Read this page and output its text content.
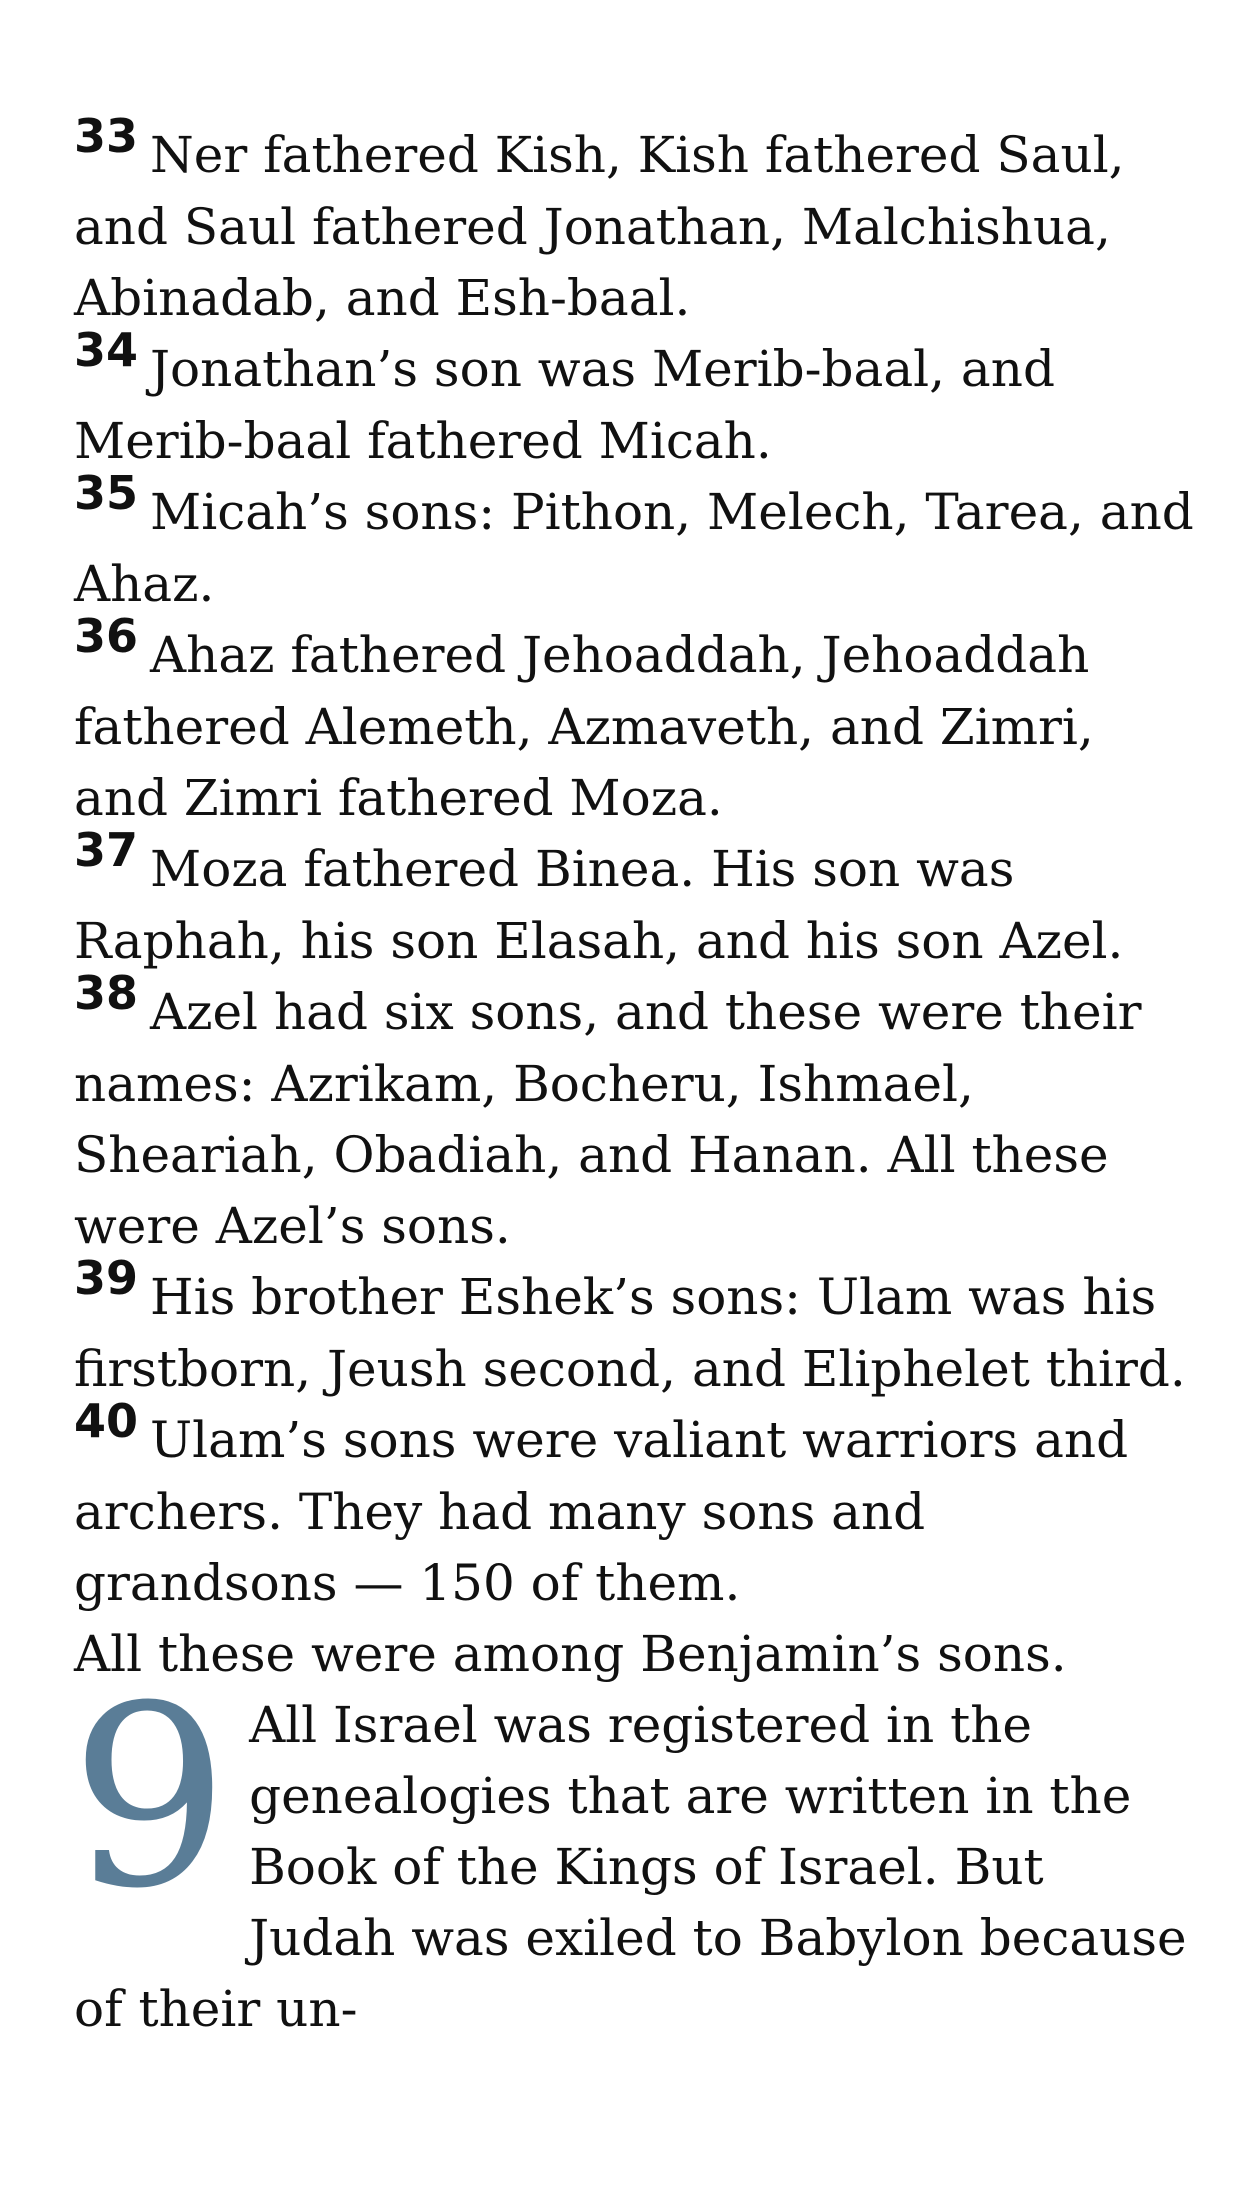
33 Ner fathered Kish, Kish fathered Saul, and Saul fathered Jonathan, Malchishua, Abinadab, and Esh-baal.

34 Jonathan’s son was Merib-baal, and Merib-baal fathered Micah.

35 Micah’s sons: Pithon, Melech, Tarea, and Ahaz.

36 Ahaz fathered Jehoaddah, Jehoaddah fathered Alemeth, Azmaveth, and Zimri, and Zimri fathered Moza.

37 Moza fathered Binea. His son was Raphah, his son Elasah, and his son Azel.

38 Azel had six sons, and these were their names: Azrikam, Bocheru, Ishmael, Sheariah, Obadiah, and Hanan. All these were Azel’s sons.

39 His brother Eshek’s sons: Ulam was his firstborn, Jeush second, and Eliphelet third.

40 Ulam’s sons were valiant warriors and archers. They had many sons and grandsons — 150 of them.

All these were among Benjamin’s sons.

9 All Israel was registered in the genealogies that are written in the Book of the Kings of Israel. But Judah was exiled to Babylon because of their un-
